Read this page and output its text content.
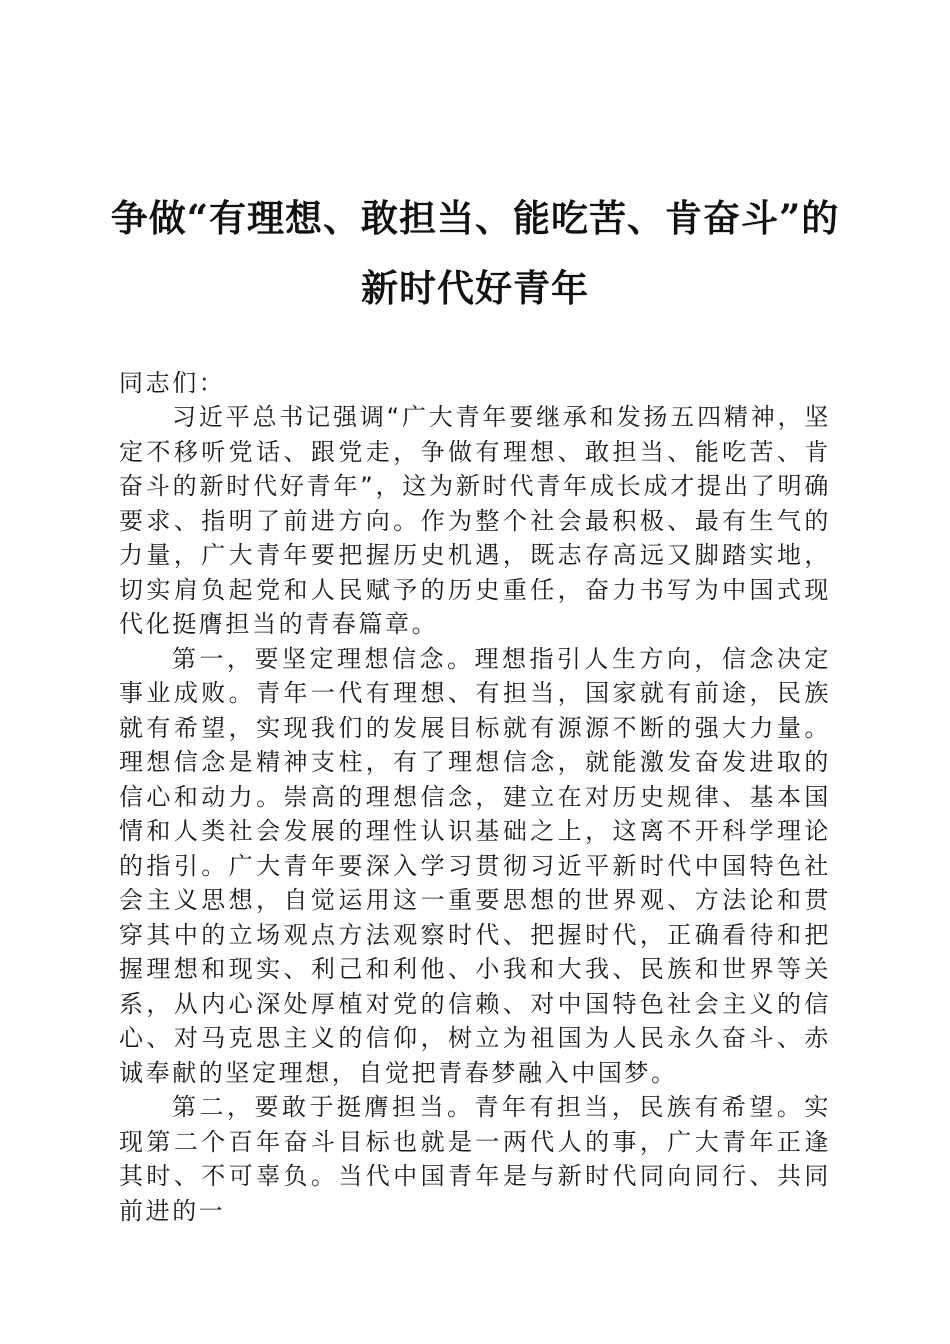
争做“有理想、敢担当、能吃苦、肯奋斗”的
新时代好青年
同志们：

习近平总书记强调“广大青年要继承和发扬五四精神，坚定不移听党话、跟党走，争做有理想、敢担当、能吃苦、肯奋斗的新时代好青年”，这为新时代青年成长成才提出了明确要求、指明了前进方向。作为整个社会最积极、最有生气的力量，广大青年要把握历史机遇，既志存高远又脚踏实地，切实肩负起党和人民赋予的历史重任，奋力书写为中国式现代化挺膺担当的青春篇章。

第一，要坚定理想信念。理想指引人生方向，信念决定事业成败。青年一代有理想、有担当，国家就有前途，民族就有希望，实现我们的发展目标就有源源不断的强大力量。理想信念是精神支柱，有了理想信念，就能激发奋发进取的信心和动力。崇高的理想信念，建立在对历史规律、基本国情和人类社会发展的理性认识基础之上，这离不开科学理论的指引。广大青年要深入学习贯彻习近平新时代中国特色社会主义思想，自觉运用这一重要思想的世界观、方法论和贯穿其中的立场观点方法观察时代、把握时代，正确看待和把握理想和现实、利己和利他、小我和大我、民族和世界等关系，从内心深处厚植对党的信赖、对中国特色社会主义的信心、对马克思主义的信仰，树立为祖国为人民永久奋斗、赤诚奉献的坚定理想，自觉把青春梦融入中国梦。

第二，要敢于挺膺担当。青年有担当，民族有希望。实现第二个百年奋斗目标也就是一两代人的事，广大青年正逢其时、不可辜负。当代中国青年是与新时代同向同行、共同前进的一
